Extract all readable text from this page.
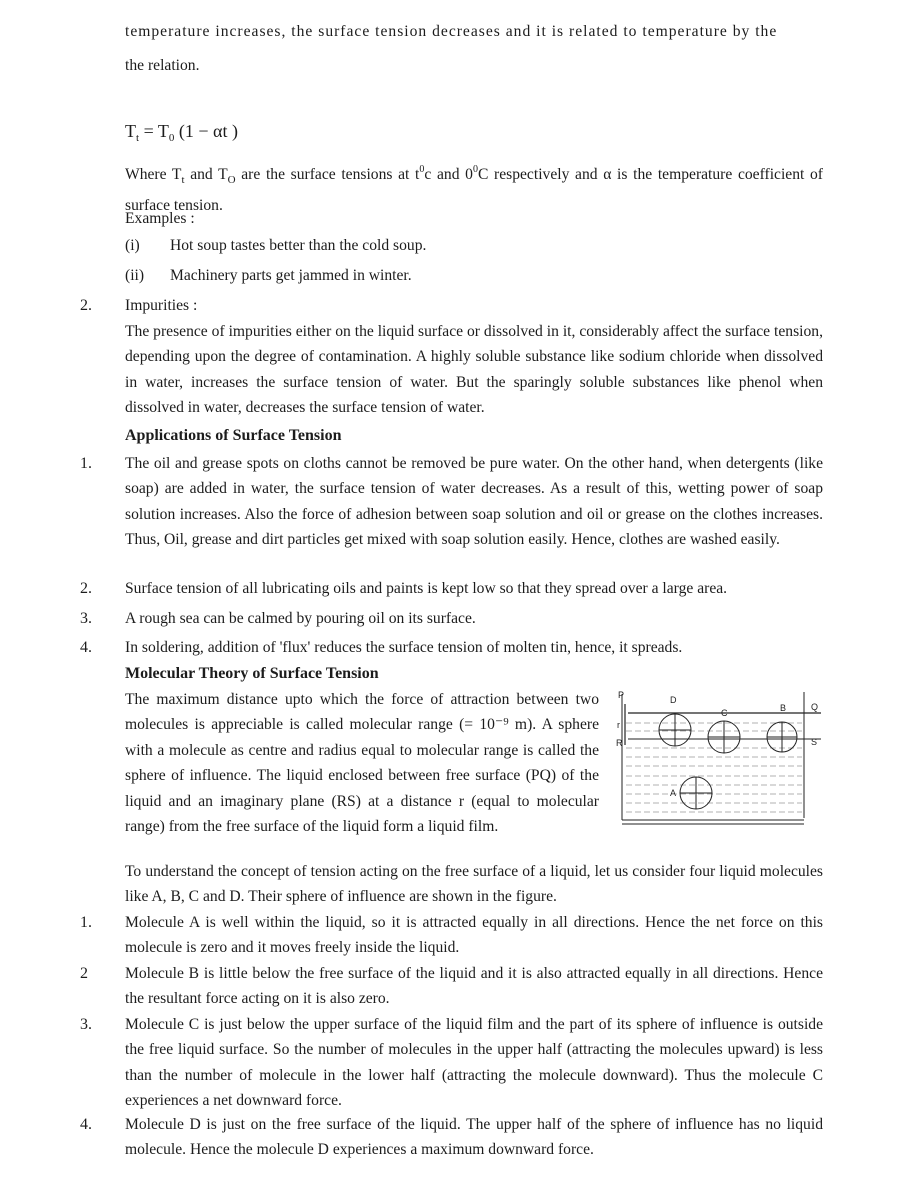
temperature increases, the surface tension decreases and it is related to temperature by the
the relation.
$T_t = T_0$ (1 − αt )
Where $T_t$ and $T_O$ are the surface tensions at $t^0c$ and $0^0C$ respectively and α is the temperature coefficient of surface tension.
Examples :
(i) Hot soup tastes better than the cold soup.
(ii) Machinery parts get jammed in winter.
2. Impurities :
The presence of impurities either on the liquid surface or dissolved in it, considerably affect the surface tension, depending upon the degree of contamination. A highly soluble substance like sodium chloride when dissolved in water, increases the surface tension of water. But the sparingly soluble substances like phenol when dissolved in water, decreases the surface tension of water.
Applications of Surface Tension
1. The oil and grease spots on cloths cannot be removed be pure water. On the other hand, when detergents (like soap) are added in water, the surface tension of water decreases. As a result of this, wetting power of soap solution increases. Also the force of adhesion between soap solution and oil or grease on the clothes increases. Thus, Oil, grease and dirt particles get mixed with soap solution easily. Hence, clothes are washed easily.
2. Surface tension of all lubricating oils and paints is kept low so that they spread over a large area.
3. A rough sea can be calmed by pouring oil on its surface.
4. In soldering, addition of 'flux' reduces the surface tension of molten tin, hence, it spreads.
Molecular Theory of Surface Tension
The maximum distance upto which the force of attraction between two molecules is appreciable is called molecular range (= 10⁻⁹ m). A sphere with a molecule as centre and radius equal to molecular range is called the sphere of influence. The liquid enclosed between free surface (PQ) of the liquid and an imaginary plane (RS) at a distance r (equal to molecular range) from the free surface of the liquid form a liquid film.
D
C	B
A
Q
S
R
r
P
To understand the concept of tension acting on the free surface of a liquid, let us consider four liquid molecules like A, B, C and D. Their sphere of influence are shown in the figure.
1. Molecule A is well within the liquid, so it is attracted equally in all directions. Hence the net force on this molecule is zero and it moves freely inside the liquid.
2 Molecule B is little below the free surface of the liquid and it is also attracted equally in all directions. Hence the resultant force acting on it is also zero.
3. Molecule C is just below the upper surface of the liquid film and the part of its sphere of influence is outside the free liquid surface. So the number of molecules in the upper half (attracting the molecules upward) is less than the number of molecule in the lower half (attracting the molecule downward). Thus the molecule C experiences a net downward force.
4. Molecule D is just on the free surface of the liquid. The upper half of the sphere of influence has no liquid molecule. Hence the molecule D experiences a maximum downward force.
